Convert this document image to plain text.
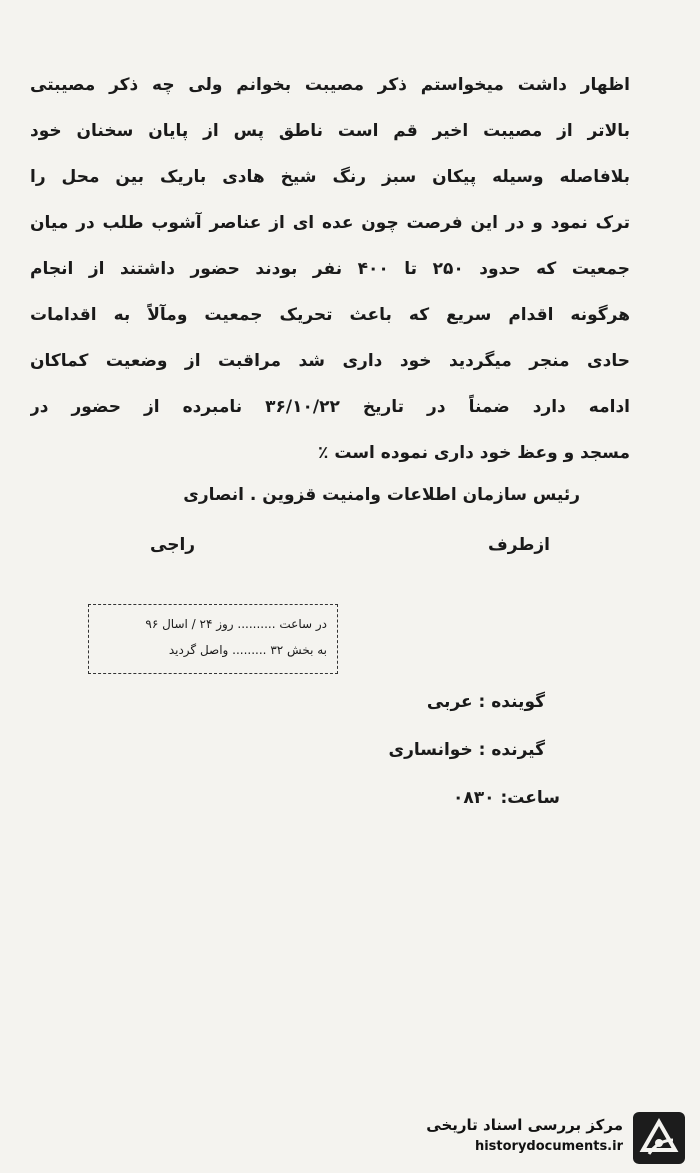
اظهار داشت میخواستم ذکر مصیبت بخوانم ولی چه ذکر مصیبتی
بالاتر از مصیبت اخیر قم است ناطق پس از پایان سخنان خود
بلافاصله وسیله پیکان سبز رنگ شیخ هادی باریک بین محل را
ترک نمود و در این فرصت چون عده ای از عناصر آشوب طلب در میان
جمعیت که حدود ۲۵۰ تا ۴۰۰ نفر بودند حضور داشتند از انجام
هرگونه اقدام سریع که باعث تحریک جمعیت ومآلاً به اقدامات
حادی منجر میگردید خود داری شد مراقبت از وضعیت کماکان
ادامه دارد ضمناً در تاریخ ۳۶/۱۰/۲۲ نامبرده از حضور در
مسجد و وعظ خود داری نموده است ٪
رئیس سازمان اطلاعات وامنیت قزوین . انصاری
ازطرف
راجی
در ساعت .......... روز ۲۴ / اسال ۹۶
به بخش ۳۲ ......... واصل گردید
گوینده : عربی
گیرنده : خوانساری
ساعت: ۰۸۳۰
مرکز بررسی اسناد تاریخی
historydocuments.ir
